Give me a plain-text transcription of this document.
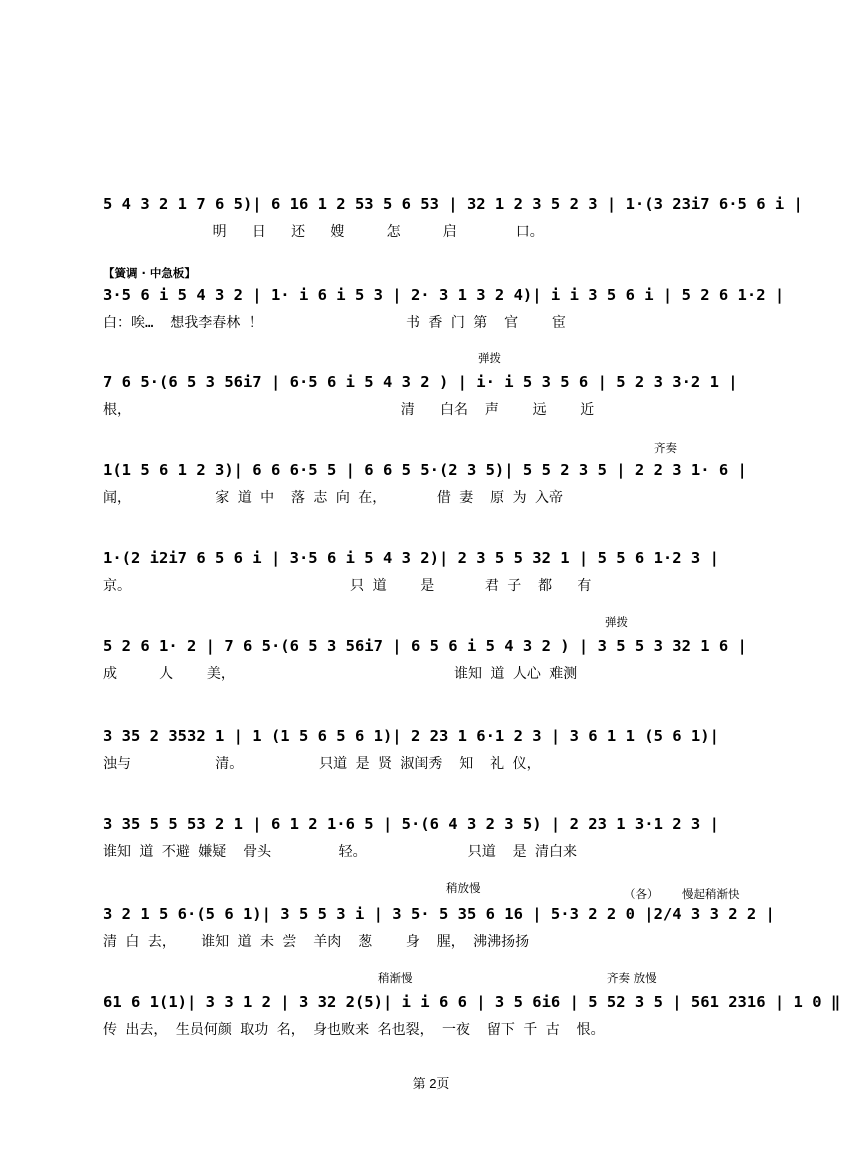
5 4 3 2 1 7 6 5)| 6 16 1 2 53 5 6 53 | 32 1 2 3 5 2 3 | 1·(3 23i7 6·5 6 i |
明   日   还   嫂     怎     启       口。
【簧调 · 中急板】
3·5 6 i 5 4 3 2 | 1· i 6 i 5 3 | 2· 3 1 3 2 4)| i i 3 5 6 i | 5 2 6 1·2 |
白：唉…  想我李春林 ！                 书 香 门 第  官    宦
弹拨
7 6 5·(6 5 3 56i7 | 6·5 6 i 5 4 3 2 ) | i· i 5 3 5 6 | 5 2 3 3·2 1 |
根，                                清   白名  声    远    近
齐奏
1(1 5 6 1 2 3)| 6 6 6·5 5 | 6 6 5 5·(2 3 5)| 5 5 2 3 5 | 2 2 3 1· 6 |
闻，          家 道 中  落 志 向 在，      借 妻  原 为 入帝
1·(2 i2i7 6 5 6 i | 3·5 6 i 5 4 3 2)| 2 3 5 5 32 1 | 5 5 6 1·2 3 |
京。                          只 道    是      君 子  都   有
弹拨
5 2 6 1· 2 | 7 6 5·(6 5 3 56i7 | 6 5 6 i 5 4 3 2 ) | 3 5 5 3 32 1 6 |
成     人    美，                          谁知 道 人心 难测
3 35 2 3532 1 | 1 (1 5 6 5 6 1)| 2 23 1 6·1 2 3 | 3 6 1 1 (5 6 1)|
浊与          清。         只道 是 贤 淑闺秀  知  礼 仪，
3 35 5 5 53 2 1 | 6 1 2 1·6 5 | 5·(6 4 3 2 3 5) | 2 23 1 3·1 2 3 |
谁知 道 不避 嫌疑  骨头        轻。            只道  是 清白来
稍放慢	（各） 慢起稍渐快
3 2 1 5 6·(5 6 1)| 3 5 5 3 i | 3 5· 5 35 6 16 | 5·3 2 2 0 |2/4 3 3 2 2 |
清 白 去，   谁知 道 未 尝  羊肉  葱    身  腥， 沸沸扬扬
稍渐慢	齐奏 放慢
61 6 1(1)| 3 3 1 2 | 3 32 2(5)| i i 6 6 | 3 5 6i6 | 5 52 3 5 | 561 2316 | 1 0 ‖
传 出去， 生员何颜 取功 名， 身也败来 名也裂， 一夜  留下 千 古  恨。
第 2页
